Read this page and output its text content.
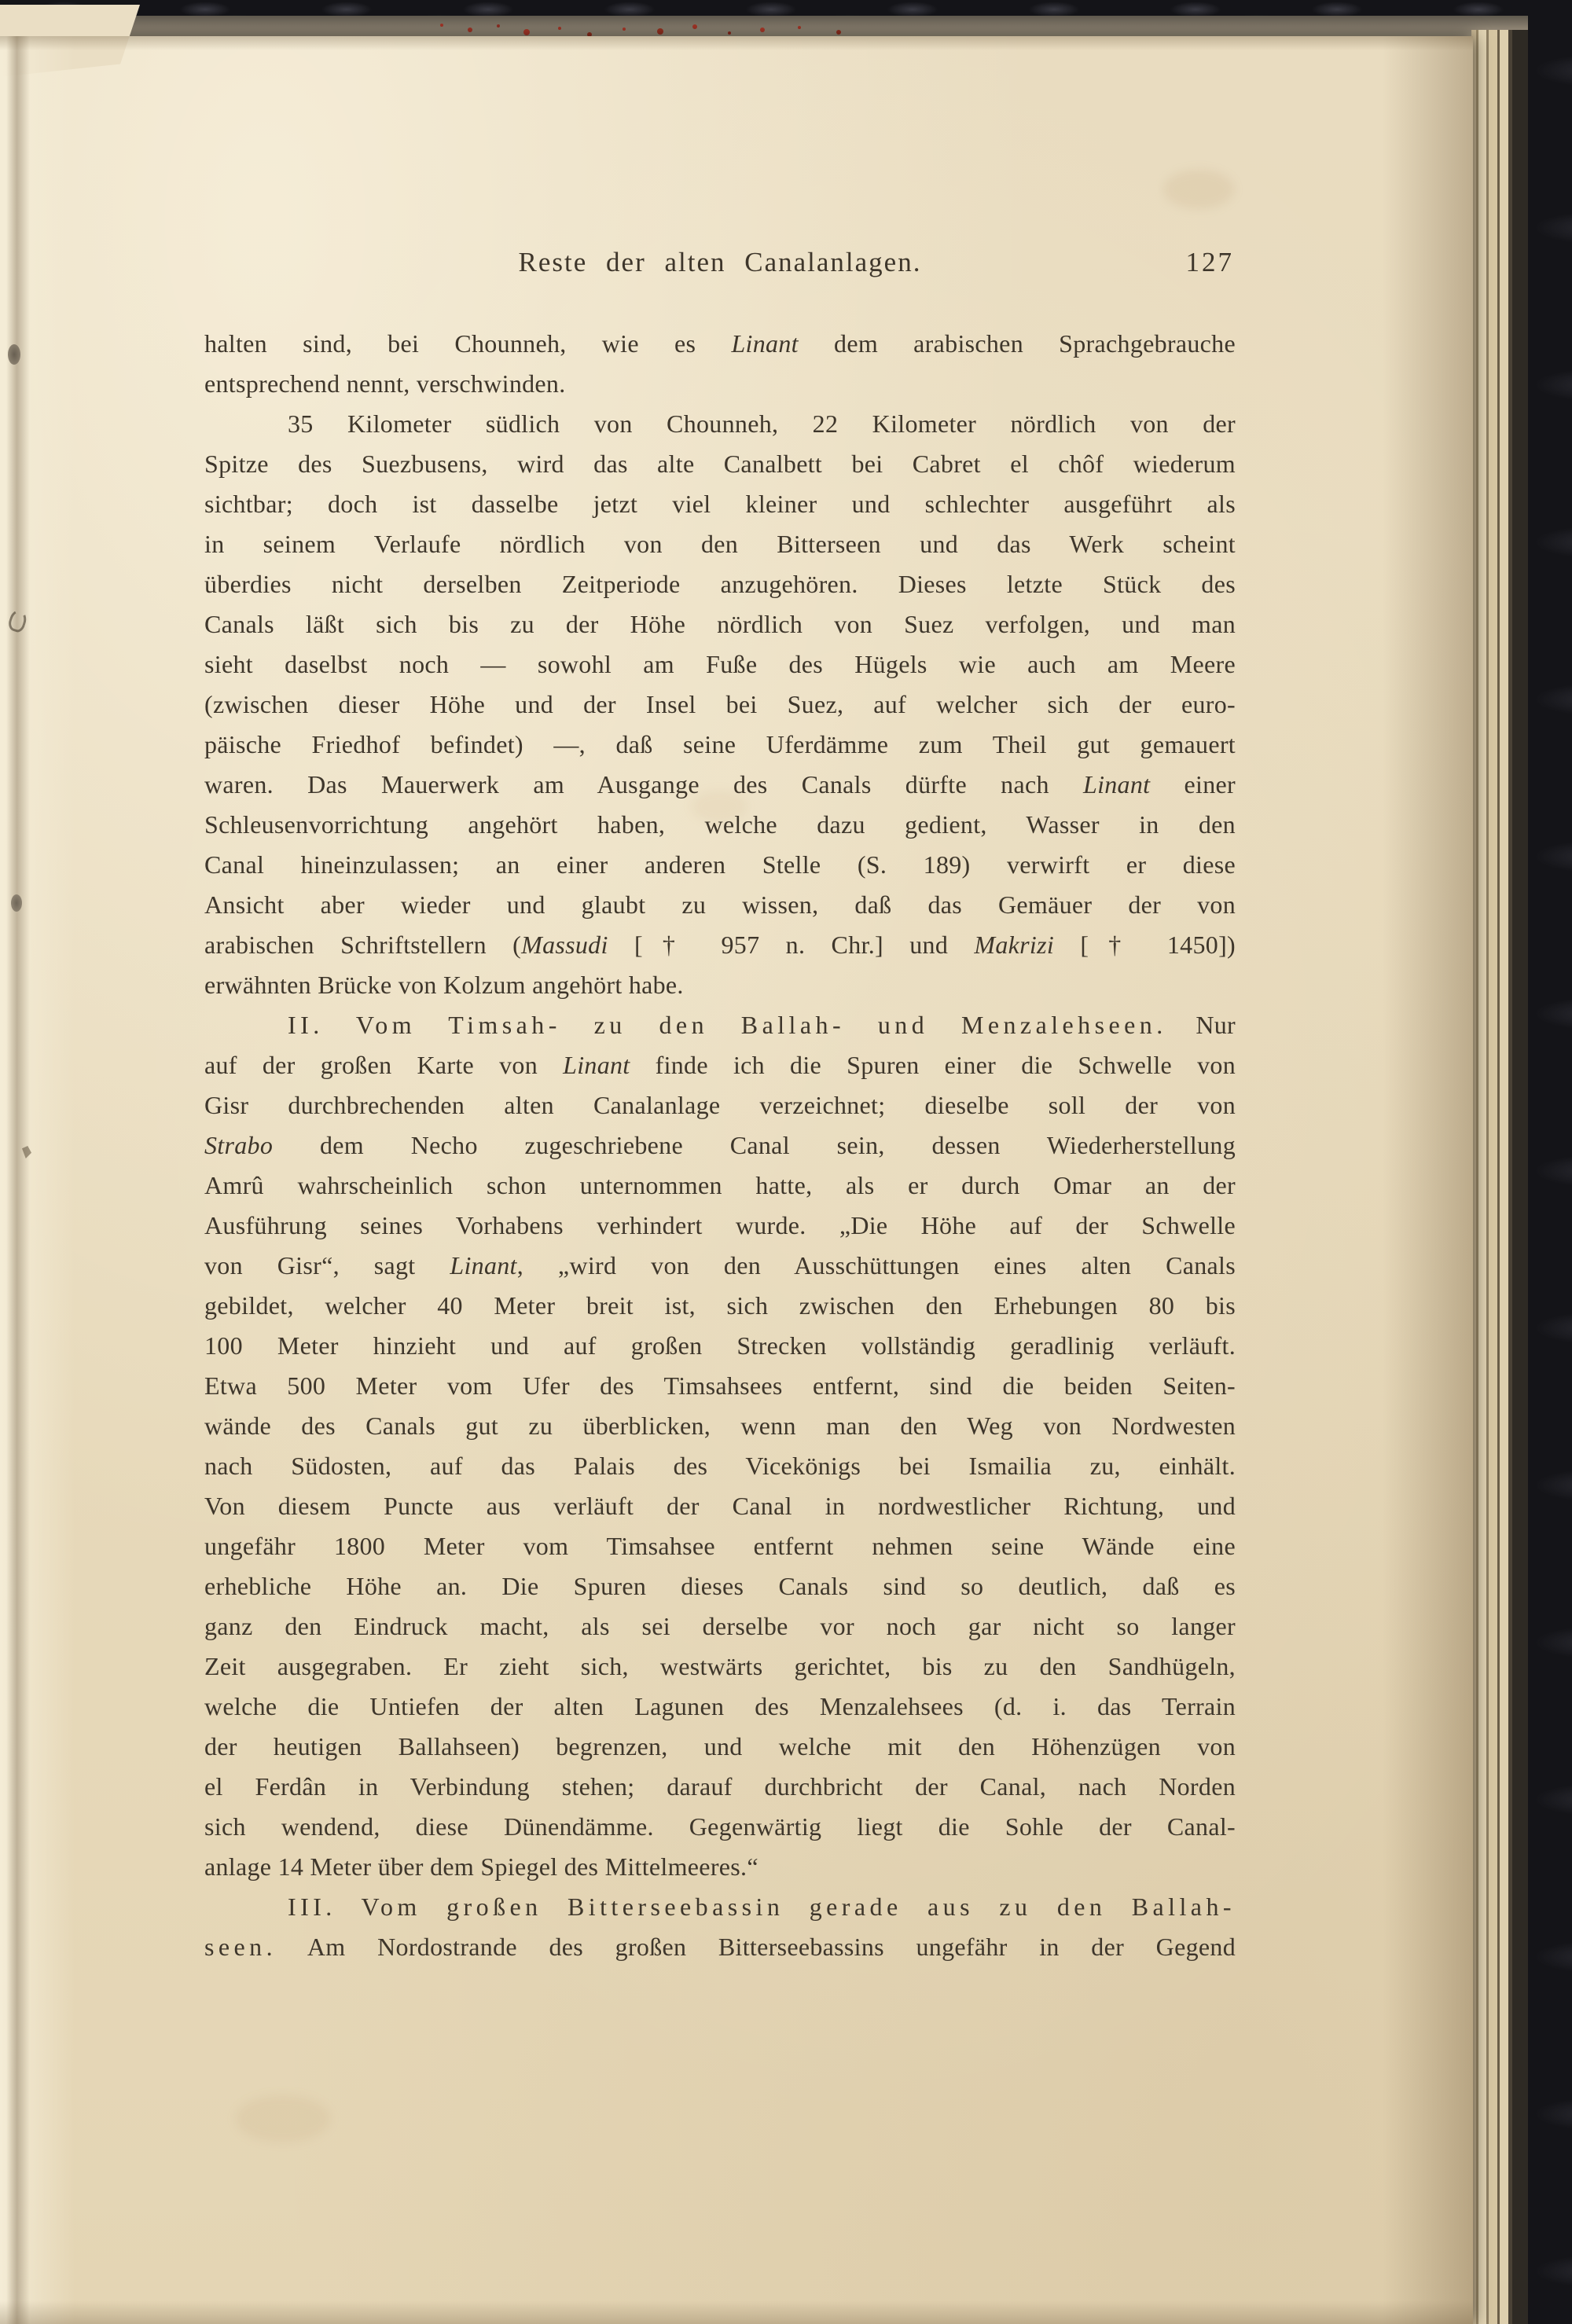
Reste der alten Canalanlagen.	127
halten sind, bei Chounneh, wie es Linant dem arabischen Sprachgebrauche
entsprechend nennt, verschwinden.
35 Kilometer südlich von Chounneh, 22 Kilometer nördlich von der
Spitze des Suezbusens, wird das alte Canalbett bei Cabret el chôf wiederum
sichtbar; doch ist dasselbe jetzt viel kleiner und schlechter ausgeführt als
in seinem Verlaufe nördlich von den Bitterseen und das Werk scheint
überdies nicht derselben Zeitperiode anzugehören. Dieses letzte Stück des
Canals läßt sich bis zu der Höhe nördlich von Suez verfolgen, und man
sieht daselbst noch — sowohl am Fuße des Hügels wie auch am Meere
(zwischen dieser Höhe und der Insel bei Suez, auf welcher sich der euro-
päische Friedhof befindet) —, daß seine Uferdämme zum Theil gut gemauert
waren. Das Mauerwerk am Ausgange des Canals dürfte nach Linant einer
Schleusenvorrichtung angehört haben, welche dazu gedient, Wasser in den
Canal hineinzulassen; an einer anderen Stelle (S. 189) verwirft er diese
Ansicht aber wieder und glaubt zu wissen, daß das Gemäuer der von
arabischen Schriftstellern (Massudi [† 957 n. Chr.] und Makrizi [† 1450])
erwähnten Brücke von Kolzum angehört habe.
II. Vom Timsah- zu den Ballah- und Menzalehseen. Nur
auf der großen Karte von Linant finde ich die Spuren einer die Schwelle von
Gisr durchbrechenden alten Canalanlage verzeichnet; dieselbe soll der von
Strabo dem Necho zugeschriebene Canal sein, dessen Wiederherstellung
Amrû wahrscheinlich schon unternommen hatte, als er durch Omar an der
Ausführung seines Vorhabens verhindert wurde. „Die Höhe auf der Schwelle
von Gisr“, sagt Linant, „wird von den Ausschüttungen eines alten Canals
gebildet, welcher 40 Meter breit ist, sich zwischen den Erhebungen 80 bis
100 Meter hinzieht und auf großen Strecken vollständig geradlinig verläuft.
Etwa 500 Meter vom Ufer des Timsahsees entfernt, sind die beiden Seiten-
wände des Canals gut zu überblicken, wenn man den Weg von Nordwesten
nach Südosten, auf das Palais des Vicekönigs bei Ismailia zu, einhält.
Von diesem Puncte aus verläuft der Canal in nordwestlicher Richtung, und
ungefähr 1800 Meter vom Timsahsee entfernt nehmen seine Wände eine
erhebliche Höhe an. Die Spuren dieses Canals sind so deutlich, daß es
ganz den Eindruck macht, als sei derselbe vor noch gar nicht so langer
Zeit ausgegraben. Er zieht sich, westwärts gerichtet, bis zu den Sandhügeln,
welche die Untiefen der alten Lagunen des Menzalehsees (d. i. das Terrain
der heutigen Ballahseen) begrenzen, und welche mit den Höhenzügen von
el Ferdân in Verbindung stehen; darauf durchbricht der Canal, nach Norden
sich wendend, diese Dünendämme. Gegenwärtig liegt die Sohle der Canal-
anlage 14 Meter über dem Spiegel des Mittelmeeres.“
III. Vom großen Bitterseebassin gerade aus zu den Ballah-
seen. Am Nordostrande des großen Bitterseebassins ungefähr in der Gegend
